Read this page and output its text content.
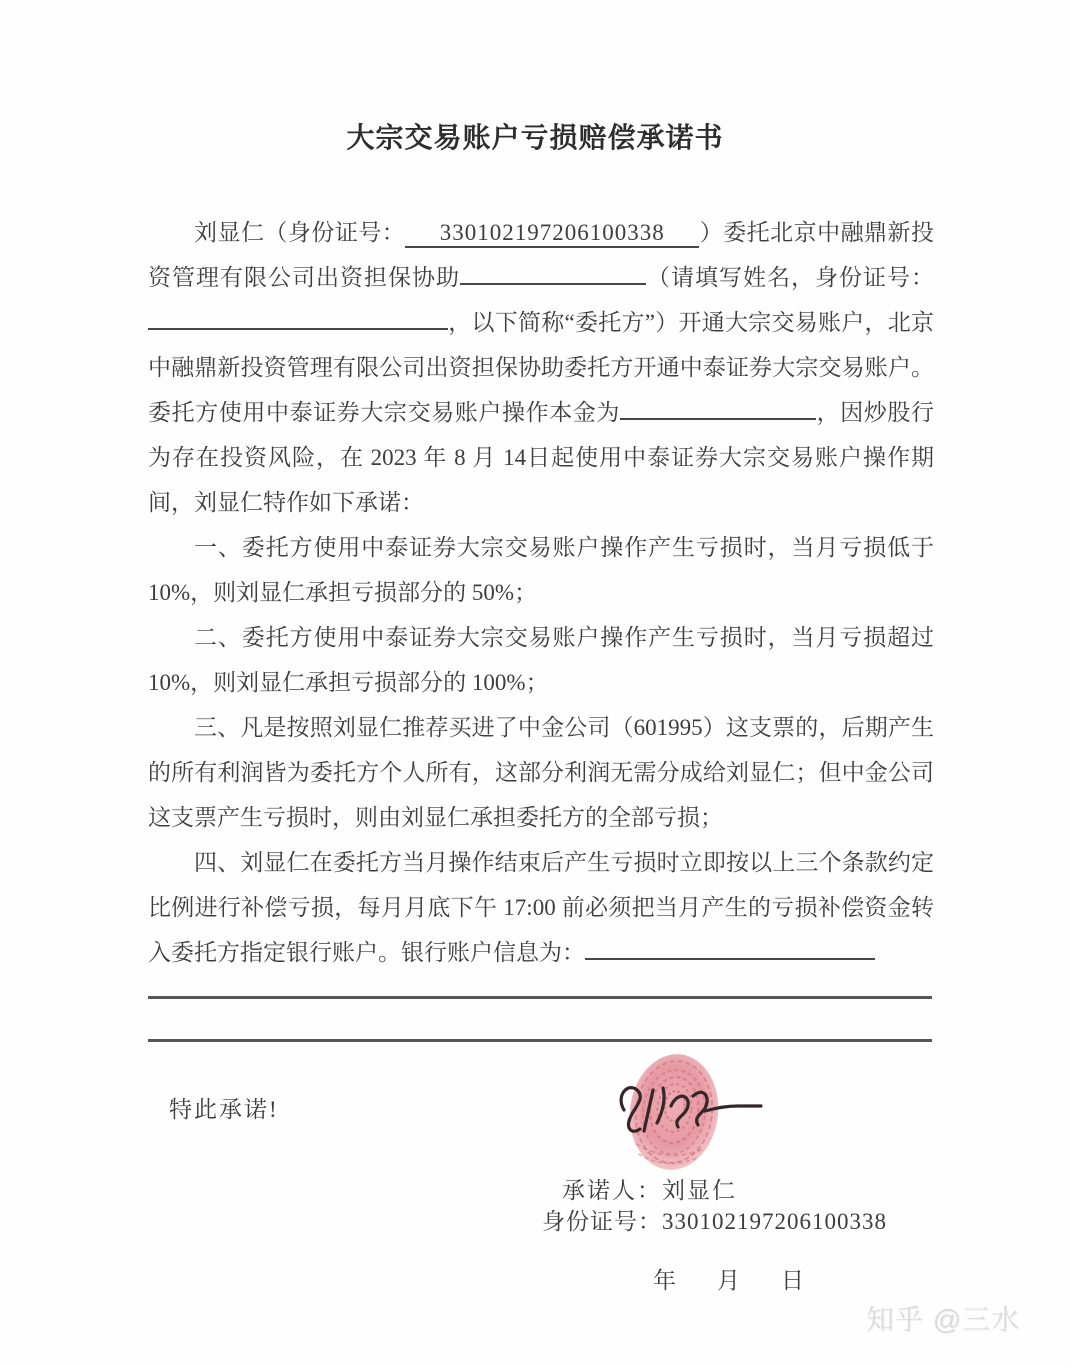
大宗交易账户亏损赔偿承诺书

刘显仁（身份证号： 330102197206100338 ）委托北京中融鼎新投资管理有限公司出资担保协助	（请填写姓名，身份证号：，以下简称“委托方”）开通大宗交易账户，北京中融鼎新投资管理有限公司出资担保协助委托方开通中泰证券大宗交易账户。委托方使用中泰证券大宗交易账户操作本金为	，因炒股行为存在投资风险，在 2023 年 8 月 14日起使用中泰证券大宗交易账户操作期间，刘显仁特作如下承诺：

一、委托方使用中泰证券大宗交易账户操作产生亏损时，当月亏损低于10%，则刘显仁承担亏损部分的 50%；

二、委托方使用中泰证券大宗交易账户操作产生亏损时，当月亏损超过10%，则刘显仁承担亏损部分的 100%；

三、凡是按照刘显仁推荐买进了中金公司（601995）这支票的，后期产生的所有利润皆为委托方个人所有，这部分利润无需分成给刘显仁；但中金公司这支票产生亏损时，则由刘显仁承担委托方的全部亏损；

四、刘显仁在委托方当月操作结束后产生亏损时立即按以上三个条款约定比例进行补偿亏损，每月月底下午 17:00 前必须把当月产生的亏损补偿资金转入委托方指定银行账户。银行账户信息为：

特此承诺!
承诺人：刘显仁
身份证号：330102197206100338
年 月 日
知乎 @三水
